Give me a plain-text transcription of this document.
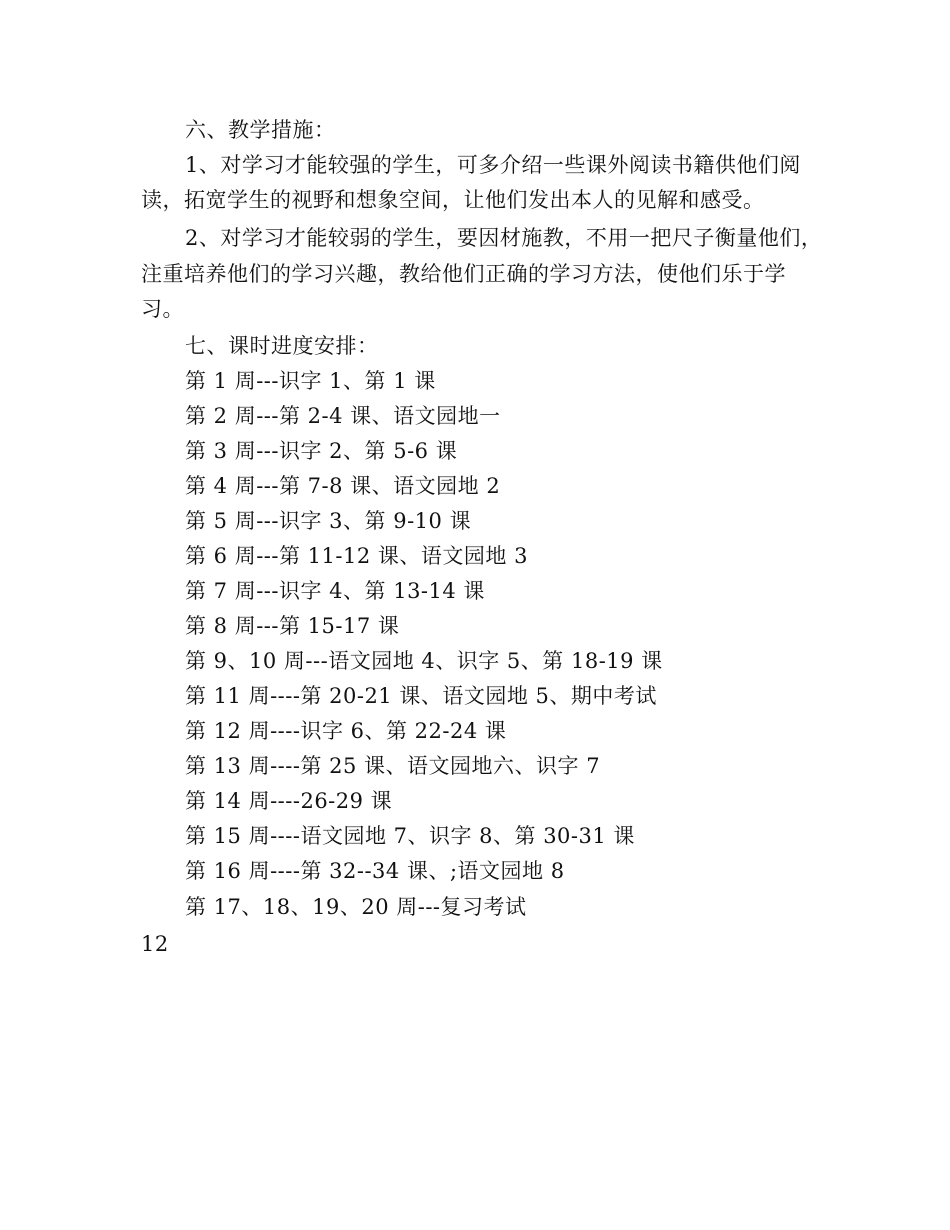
六、教学措施：
1、对学习才能较强的学生，可多介绍一些课外阅读书籍供他们阅
读，拓宽学生的视野和想象空间，让他们发出本人的见解和感受。
2、对学习才能较弱的学生，要因材施教，不用一把尺子衡量他们，
注重培养他们的学习兴趣，教给他们正确的学习方法，使他们乐于学
习。
七、课时进度安排：
第 1 周---识字 1、第 1 课
第 2 周---第 2-4 课、语文园地一
第 3 周---识字 2、第 5-6 课
第 4 周---第 7-8 课、语文园地 2
第 5 周---识字 3、第 9-10 课
第 6 周---第 11-12 课、语文园地 3
第 7 周---识字 4、第 13-14 课
第 8 周---第 15-17 课
第 9、10 周---语文园地 4、识字 5、第 18-19 课
第 11 周----第 20-21 课、语文园地 5、期中考试
第 12 周----识字 6、第 22-24 课
第 13 周----第 25 课、语文园地六、识字 7
第 14 周----26-29 课
第 15 周----语文园地 7、识字 8、第 30-31 课
第 16 周----第 32--34 课、;语文园地 8
第 17、18、19、20 周---复习考试
12
